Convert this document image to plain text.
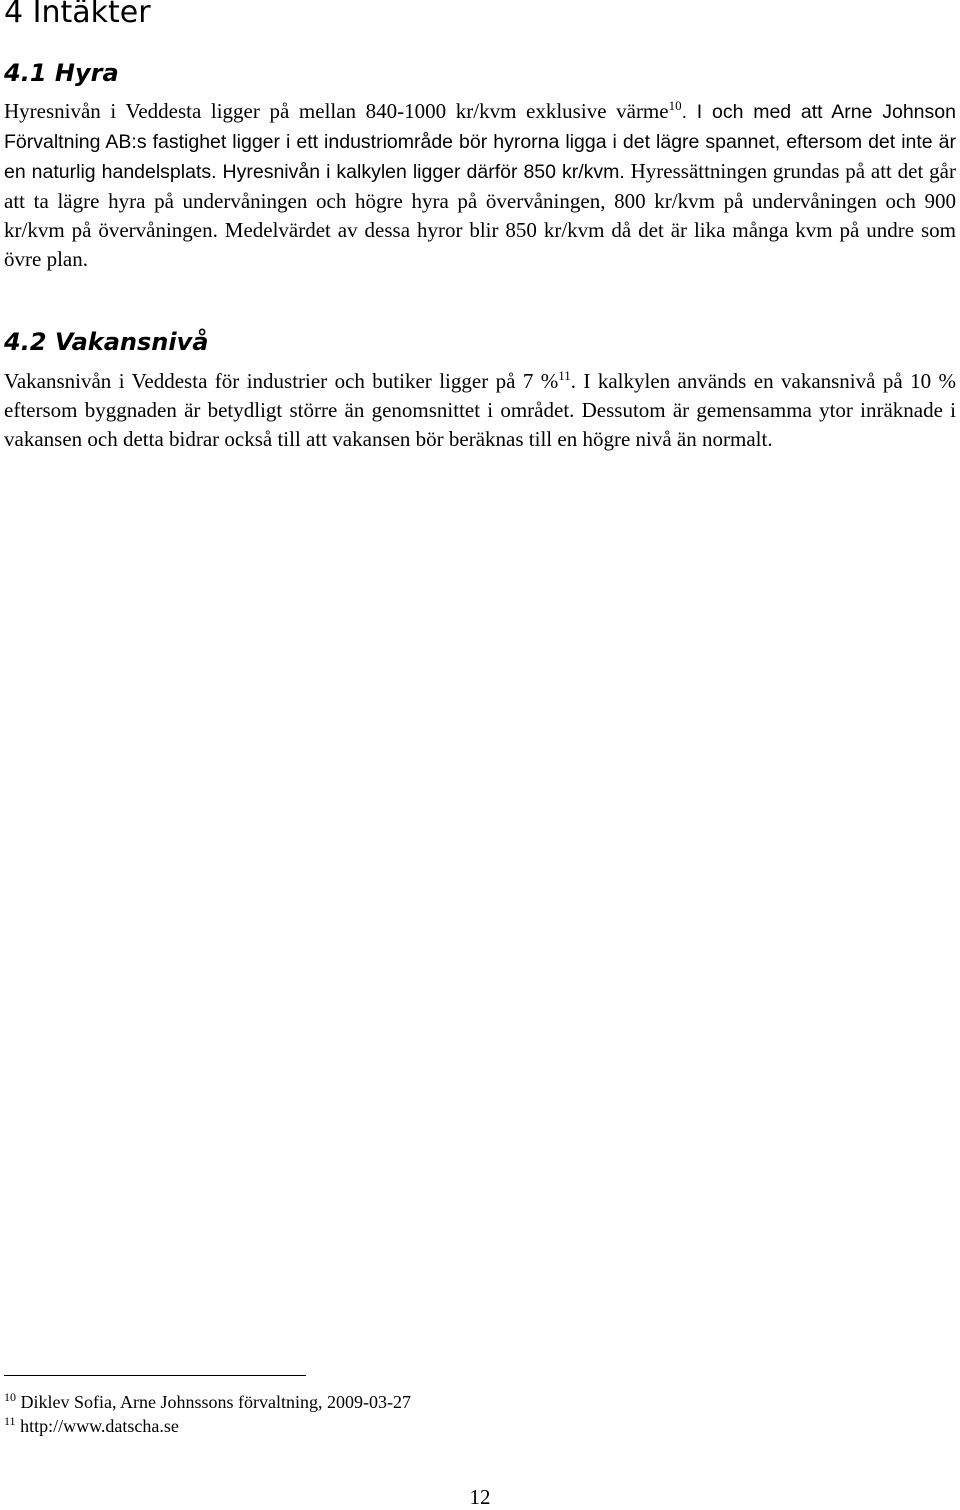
4 Intäkter
4.1 Hyra

Hyresnivån i Veddesta ligger på mellan 840-1000 kr/kvm exklusive värme$^{10}$. I och med att Arne Johnson Förvaltning AB:s fastighet ligger i ett industriområde bör hyrorna ligga i det lägre spannet, eftersom det inte är en naturlig handelsplats. Hyresnivån i kalkylen ligger därför 850 kr/kvm. Hyressättningen grundas på att det går att ta lägre hyra på undervåningen och högre hyra på övervåningen, 800 kr/kvm på undervåningen och 900 kr/kvm på övervåningen. Medelvärdet av dessa hyror blir 850 kr/kvm då det är lika många kvm på undre som övre plan.

4.2 Vakansnivå

Vakansnivån i Veddesta för industrier och butiker ligger på 7 %$^{11}$. I kalkylen används en vakansnivå på 10 % eftersom byggnaden är betydligt större än genomsnittet i området. Dessutom är gemensamma ytor inräknade i vakansen och detta bidrar också till att vakansen bör beräknas till en högre nivå än normalt.

$^{10}$ Diklev Sofia, Arne Johnssons förvaltning, 2009-03-27
$^{11}$ http://www.datscha.se
12
